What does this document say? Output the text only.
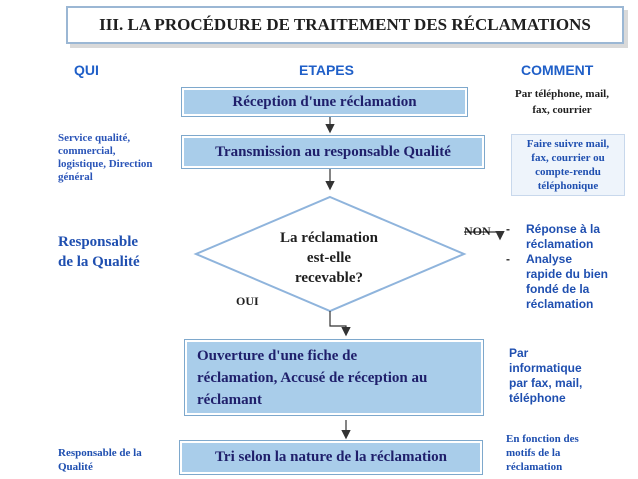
III. LA PROCÉDURE DE TRAITEMENT DES RÉCLAMATIONS
QUI	ETAPES	COMMENT
Réception d'une réclamation
Transmission au responsable Qualité
La réclamation
est-elle
recevable?
NON
OUI
Ouverture d'une fiche de
réclamation, Accusé de réception au
réclamant
Tri selon la nature de la réclamation
Service qualité,
commercial,
logistique, Direction
général
Responsable
de la Qualité
Responsable de la
Qualité
Par téléphone, mail,
fax, courrier
Faire suivre mail,
fax, courrier ou
compte-rendu
téléphonique
- Réponse à la
réclamation
- Analyse
rapide du bien
fondé de la
réclamation
Par
informatique
par fax, mail,
téléphone
En fonction des
motifs de la
réclamation
